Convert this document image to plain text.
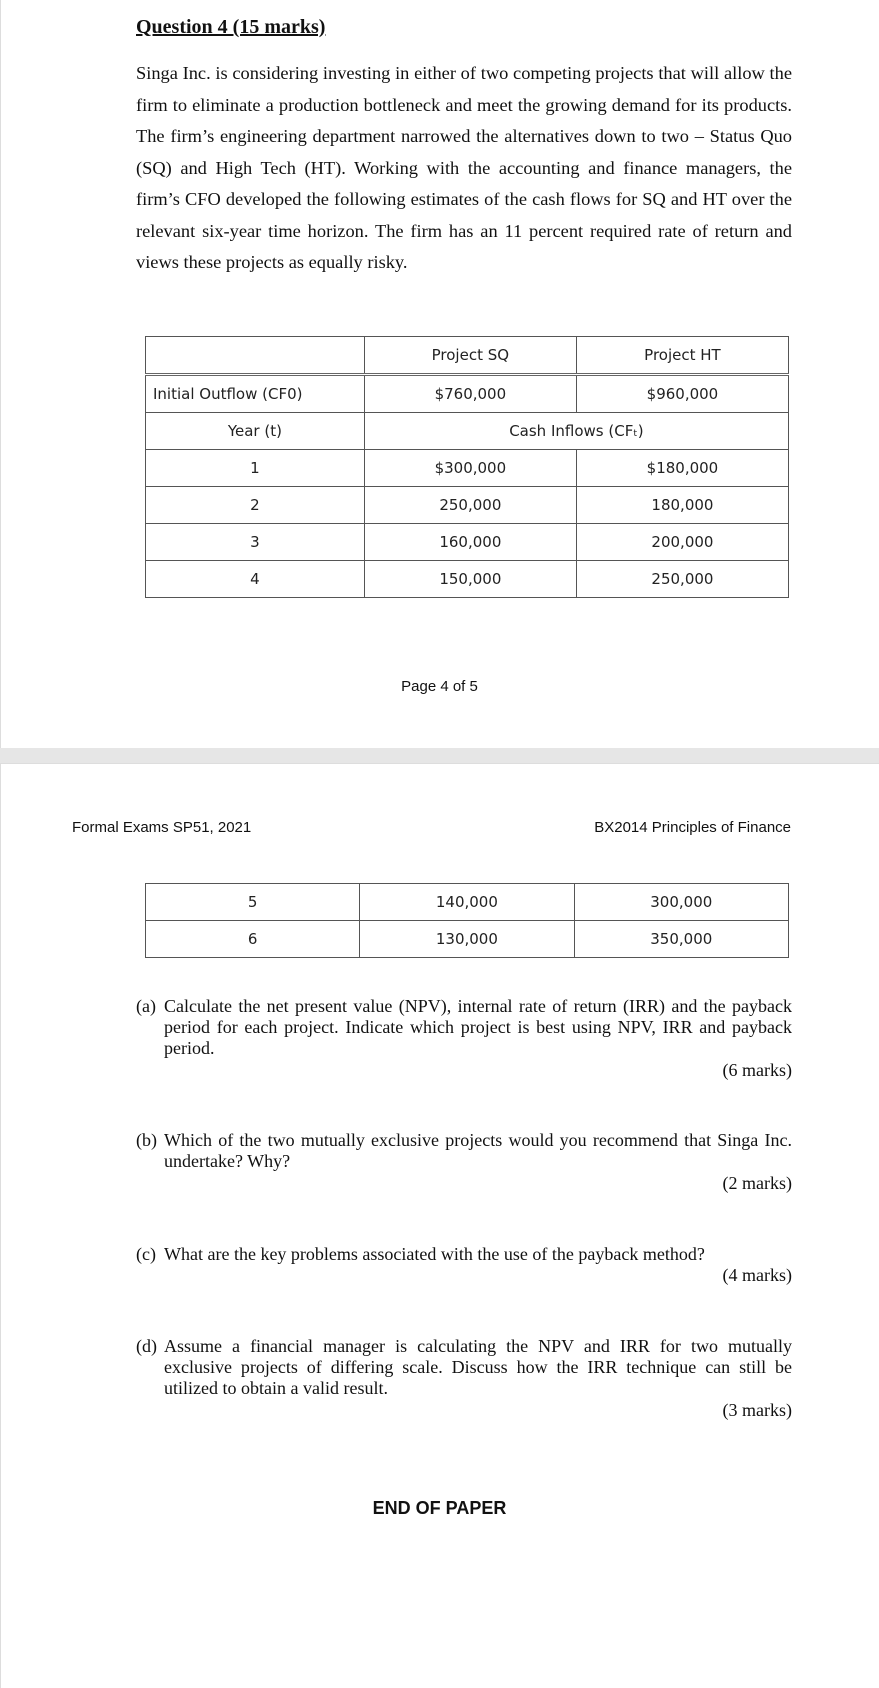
Question 4 (15 marks)
Singa Inc. is considering investing in either of two competing projects that will allow the firm to eliminate a production bottleneck and meet the growing demand for its products. The firm’s engineering department narrowed the alternatives down to two – Status Quo (SQ) and High Tech (HT). Working with the accounting and finance managers, the firm’s CFO developed the following estimates of the cash flows for SQ and HT over the relevant six-year time horizon. The firm has an 11 percent required rate of return and views these projects as equally risky.
	Project SQ	Project HT
Initial Outflow (CF0)	$760,000	$960,000
Year (t)	Cash Inflows (CFₜ)	
1	$300,000	$180,000
2	250,000	180,000
3	160,000	200,000
4	150,000	250,000
Page 4 of 5
Formal Exams SP51, 2021	BX2014 Principles of Finance
5	140,000	300,000
6	130,000	350,000
(a) Calculate the net present value (NPV), internal rate of return (IRR) and the payback period for each project. Indicate which project is best using NPV, IRR and payback period.
(6 marks)
(b) Which of the two mutually exclusive projects would you recommend that Singa Inc. undertake? Why?
(2 marks)
(c) What are the key problems associated with the use of the payback method?
(4 marks)
(d) Assume a financial manager is calculating the NPV and IRR for two mutually exclusive projects of differing scale. Discuss how the IRR technique can still be utilized to obtain a valid result.
(3 marks)
END OF PAPER
